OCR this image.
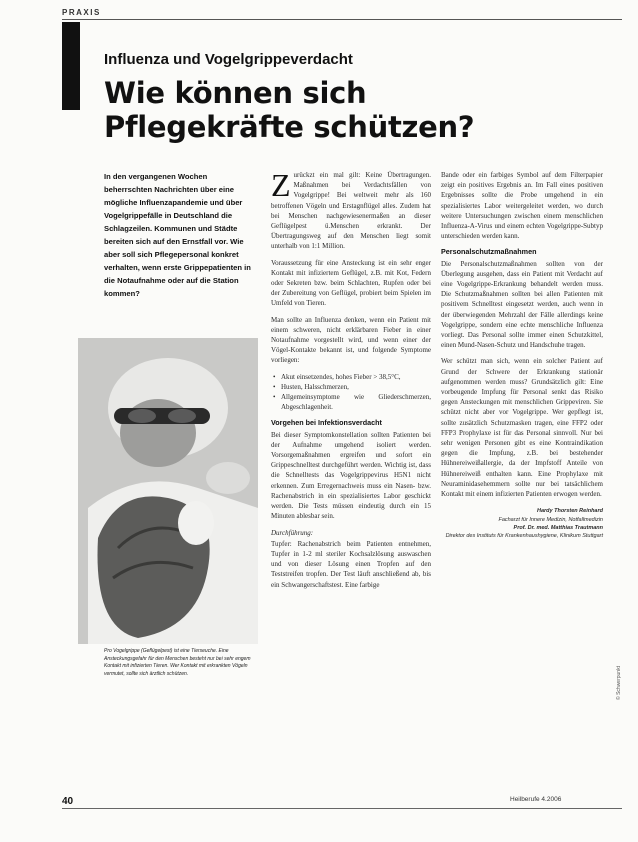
PRAXIS
Influenza und Vogelgrippeverdacht
Wie können sich Pflegekräfte schützen?
In den vergangenen Wochen beherrschten Nachrichten über eine mögliche Influenzapandemie und über Vogelgrippefälle in Deutschland die Schlagzeilen. Kommunen und Städte bereiten sich auf den Ernstfall vor. Wie aber soll sich Pflegepersonal konkret verhalten, wenn erste Grippepatienten in die Notaufnahme oder auf die Station kommen?
Pro Vogelgrippe (Geflügelpest) ist eine Tierseuche. Eine Ansteckungsgefahr für den Menschen besteht nur bei sehr engem Kontakt mit infizierten Tieren. Wer Kontakt mit erkrankten Vögeln vermutet, sollte sich ärztlich schützen.

Zurückzt ein mal gilt: Keine Übertragungen. Maßnahmen bei Verdachtsfällen von Vogelgrippe! Bei weltweit mehr als 160 betroffenen Vögeln und Erstagnflügel alles. Zudem hat bei Menschen nachgewiesenermaßen an dieser Geflügelpest ü.Menschen erkrankt. Der Übertragungsweg auf den Menschen liegt somit unterhalb von 1:1 Million.

Voraussetzung für eine Ansteckung ist ein sehr enger Kontakt mit infiziertem Geflügel, z.B. mit Kot, Federn oder Sekreten bzw. beim Schlachten, Rupfen oder bei der Zubereitung von Geflügel, probiert beim Spielen im Umfeld von Tieren.

Man sollte an Influenza denken, wenn ein Patient mit einem schweren, nicht erklärbaren Fieber in einer Notaufnahme vorgestellt wird, und wenn einer der Vögel-Kontakte bekannt ist, und folgende Symptome vorliegen:

• Akut einsetzendes, hohes Fieber > 38,5°C,
• Husten, Halsschmerzen,
• Allgemeinsymptome wie Gliederschmerzen, Abgeschlagenheit.
Vorgehen bei Infektionsverdacht

Bei dieser Symptomkonstellation sollten Patienten bei der Aufnahme umgehend isoliert werden. Vorsorgemaßnahmen ergreifen und sofort ein Grippeschnelltest durchgeführt werden. Wichtig ist, dass die Schnelltests das Vogelgrippevirus H5N1 nicht erkennen. Zum Erregernachweis muss ein Nasen- bzw. Rachenabstrich in ein spezialisiertes Labor geschickt werden. Die Tests müssen eindeutig durch ein 15 Minuten ablesbar sein.

Durchführung:

Tupfer: Rachenabstrich beim Patienten entnehmen, Tupfer in 1-2 ml steriler Kochsalzlösung auswaschen und von dieser Lösung einen Tropfen auf den Teststreifen tropfen. Der Test läuft anschließend ab, bis ein Schwangerschaftstest. Eine farbige

Bande oder ein farbiges Symbol auf dem Filterpapier zeigt ein positives Ergebnis an. Im Fall eines positiven Ergebnisses sollte die Probe umgehend in ein spezialisiertes Labor weitergeleitet werden, wo durch weitere Untersuchungen zwischen einem menschlichen Influenza-A-Virus und einem echten Vogelgrippe-Subtyp unterschieden werden kann.

Personalschutzmaßnahmen

Die Personalschutzmaßnahmen sollten von der Überlegung ausgehen, dass ein Patient mit Verdacht auf eine Vogelgrippe-Erkrankung behandelt werden muss. Die Schutzmaßnahmen sollten bei allen Patienten mit positivem Schnelltest eingesetzt werden, auch wenn in der überwiegenden Mehrzahl der Fälle allerdings keine Vogelgrippe, sondern eine echte menschliche Influenza vorliegt. Das Personal sollte immer einen Schutzkittel, einen Mund-Nasen-Schutz und Handschuhe tragen.

Wer schützt man sich, wenn ein solcher Patient auf Grund der Schwere der Erkrankung stationär aufgenommen werden muss? Grundsätzlich gilt: Eine vorbeugende Impfung für Personal senkt das Risiko gegen Ansteckungen mit menschlichen Grippeviren. Sie schützt nicht aber vor Vogelgrippe. Wer gepflegt ist, sollte zusätzlich Schutzmasken tragen, eine FFP2 oder FFP3 Prophylaxe ist für das Personal sinnvoll. Nur bei sehr wenigen Personen gibt es eine Kontraindikation gegen die Impfung, z.B. bei bestehender Hühnereiweißallergie, da der Impfstoff Anteile von Hühnereiweiß enthalten kann. Eine Prophylaxe mit Neuraminidasehemmern sollte nur bei tatsächlichem Kontakt mit einem infizierten Patienten erwogen werden.

Hardy Thorsten Reinhard
Facharzt für Innere Medizin, Notfallmedizin
Prof. Dr. med. Matthias Trautmann
Direktor des Instituts für Krankenhaushygiene, Klinikum Stuttgart
© Schwerpunkt
40	Heilberufe 4.2006
